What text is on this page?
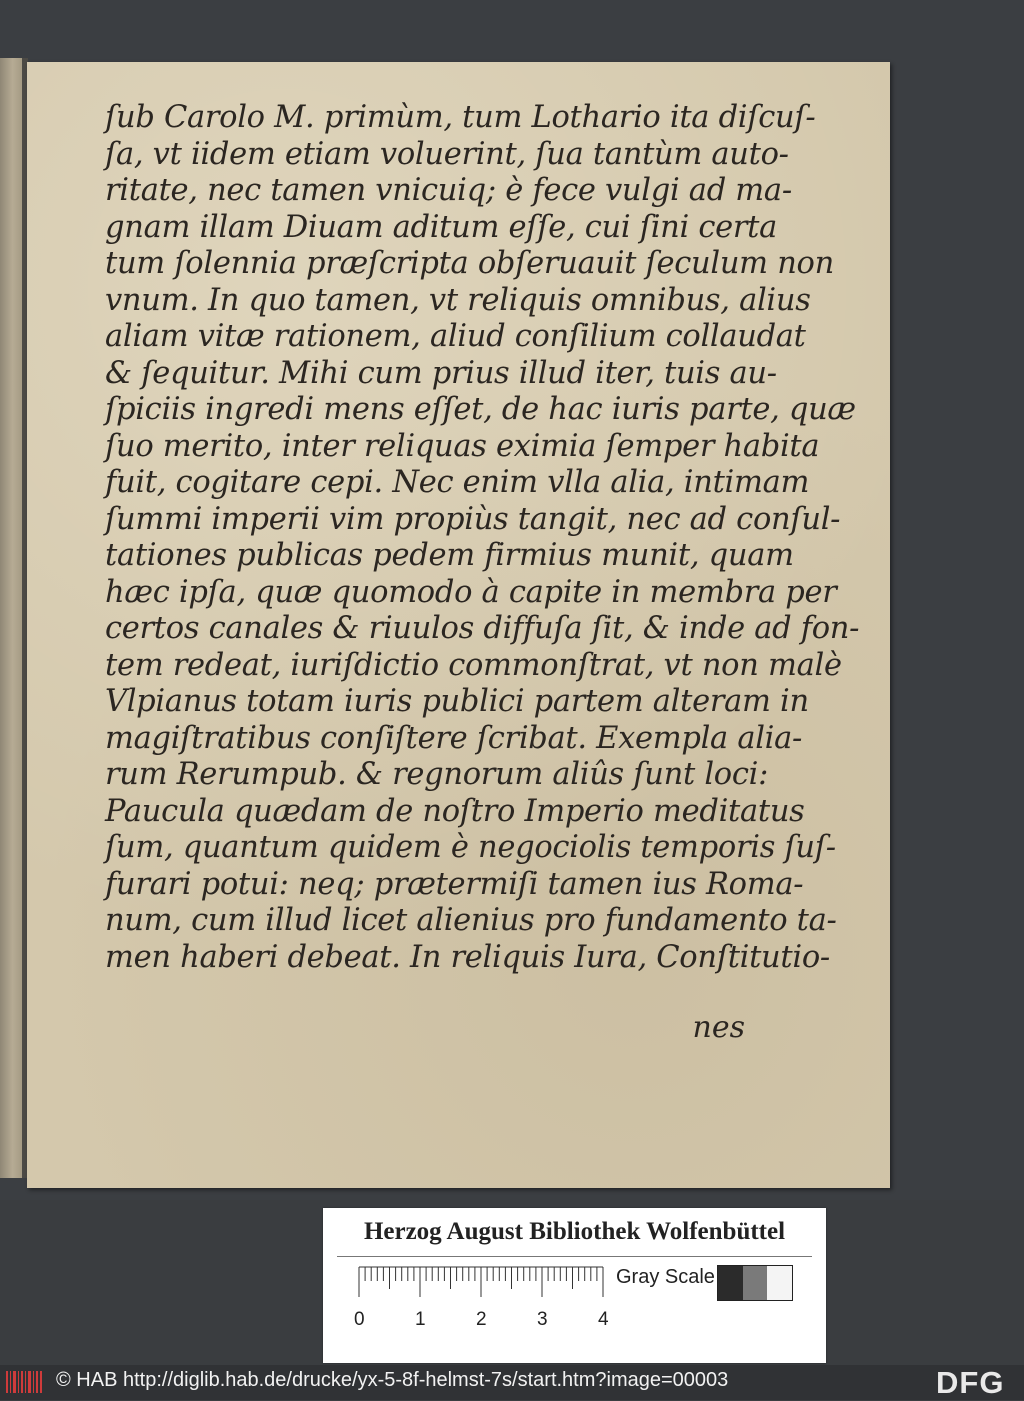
ſub Carolo M. primùm, tum Lothario ita diſcuſ-
ſa, vt iidem etiam voluerint, ſua tantùm auto-
ritate, nec tamen vnicuiq; è fece vulgi ad ma-
gnam illam Diuam aditum eſſe, cui ſini certa
tum ſolennia præſcripta obſeruauit ſeculum non
vnum. In quo tamen, vt reliquis omnibus, alius
aliam vitæ rationem, aliud conſilium collaudat
& ſequitur. Mihi cum prius illud iter, tuis au-
ſpiciis ingredi mens eſſet, de hac iuris parte, quæ
ſuo merito, inter reliquas eximia ſemper habita
fuit, cogitare cepi. Nec enim vlla alia, intimam
ſummi imperii vim propiùs tangit, nec ad conſul-
tationes publicas pedem firmius munit, quam
hæc ipſa, quæ quomodo à capite in membra per
certos canales & riuulos diffuſa ſit, & inde ad fon-
tem redeat, iuriſdictio commonſtrat, vt non malè
Vlpianus totam iuris publici partem alteram in
magiſtratibus conſiſtere ſcribat. Exempla alia-
rum Rerumpub. & regnorum aliûs ſunt loci:
Paucula quædam de noſtro Imperio meditatus
ſum, quantum quidem è negociolis temporis ſuſ-
furari potui: neq; prætermiſi tamen ius Roma-
num, cum illud licet alienius pro fundamento ta-
men haberi debeat. In reliquis Iura, Conſtitutio-
nes
Herzog August Bibliothek Wolfenbüttel
0	1	2	3	4
Gray Scale
© HAB http://diglib.hab.de/drucke/yx-5-8f-helmst-7s/start.htm?image=00003	DFG
